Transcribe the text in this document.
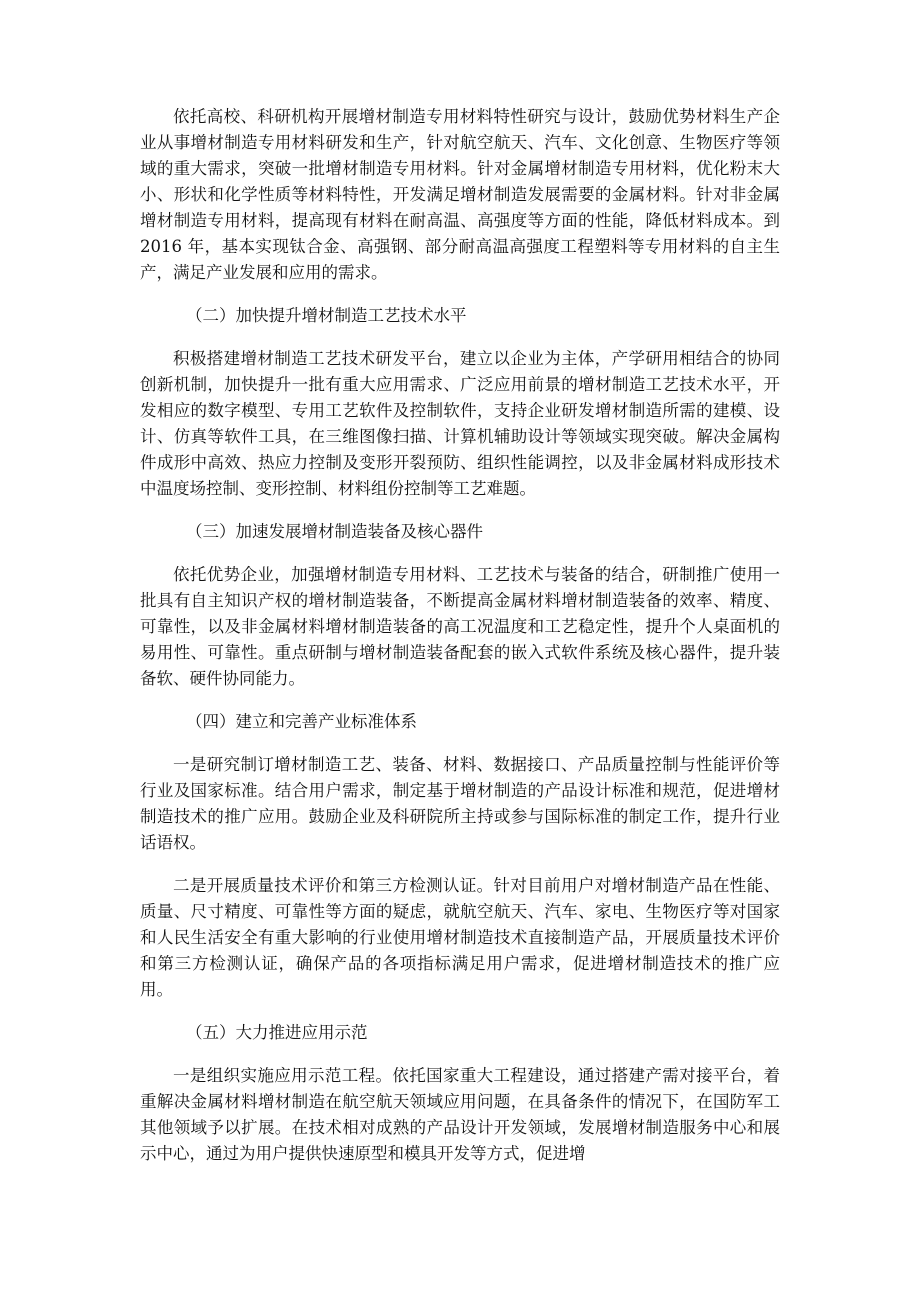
依托高校、科研机构开展增材制造专用材料特性研究与设计，鼓励优势材料生产企业从事增材制造专用材料研发和生产，针对航空航天、汽车、文化创意、生物医疗等领域的重大需求，突破一批增材制造专用材料。针对金属增材制造专用材料，优化粉末大小、形状和化学性质等材料特性，开发满足增材制造发展需要的金属材料。针对非金属增材制造专用材料，提高现有材料在耐高温、高强度等方面的性能，降低材料成本。到 2016 年，基本实现钛合金、高强钢、部分耐高温高强度工程塑料等专用材料的自主生产，满足产业发展和应用的需求。

（二）加快提升增材制造工艺技术水平

积极搭建增材制造工艺技术研发平台，建立以企业为主体，产学研用相结合的协同创新机制，加快提升一批有重大应用需求、广泛应用前景的增材制造工艺技术水平，开发相应的数字模型、专用工艺软件及控制软件，支持企业研发增材制造所需的建模、设计、仿真等软件工具，在三维图像扫描、计算机辅助设计等领域实现突破。解决金属构件成形中高效、热应力控制及变形开裂预防、组织性能调控，以及非金属材料成形技术中温度场控制、变形控制、材料组份控制等工艺难题。

（三）加速发展增材制造装备及核心器件

依托优势企业，加强增材制造专用材料、工艺技术与装备的结合，研制推广使用一批具有自主知识产权的增材制造装备，不断提高金属材料增材制造装备的效率、精度、可靠性，以及非金属材料增材制造装备的高工况温度和工艺稳定性，提升个人桌面机的易用性、可靠性。重点研制与增材制造装备配套的嵌入式软件系统及核心器件，提升装备软、硬件协同能力。

（四）建立和完善产业标准体系

一是研究制订增材制造工艺、装备、材料、数据接口、产品质量控制与性能评价等行业及国家标准。结合用户需求，制定基于增材制造的产品设计标准和规范，促进增材制造技术的推广应用。鼓励企业及科研院所主持或参与国际标准的制定工作，提升行业话语权。

二是开展质量技术评价和第三方检测认证。针对目前用户对增材制造产品在性能、质量、尺寸精度、可靠性等方面的疑虑，就航空航天、汽车、家电、生物医疗等对国家和人民生活安全有重大影响的行业使用增材制造技术直接制造产品，开展质量技术评价和第三方检测认证，确保产品的各项指标满足用户需求，促进增材制造技术的推广应用。

（五）大力推进应用示范

一是组织实施应用示范工程。依托国家重大工程建设，通过搭建产需对接平台，着重解决金属材料增材制造在航空航天领域应用问题，在具备条件的情况下，在国防军工其他领域予以扩展。在技术相对成熟的产品设计开发领域，发展增材制造服务中心和展示中心，通过为用户提供快速原型和模具开发等方式，促进增
